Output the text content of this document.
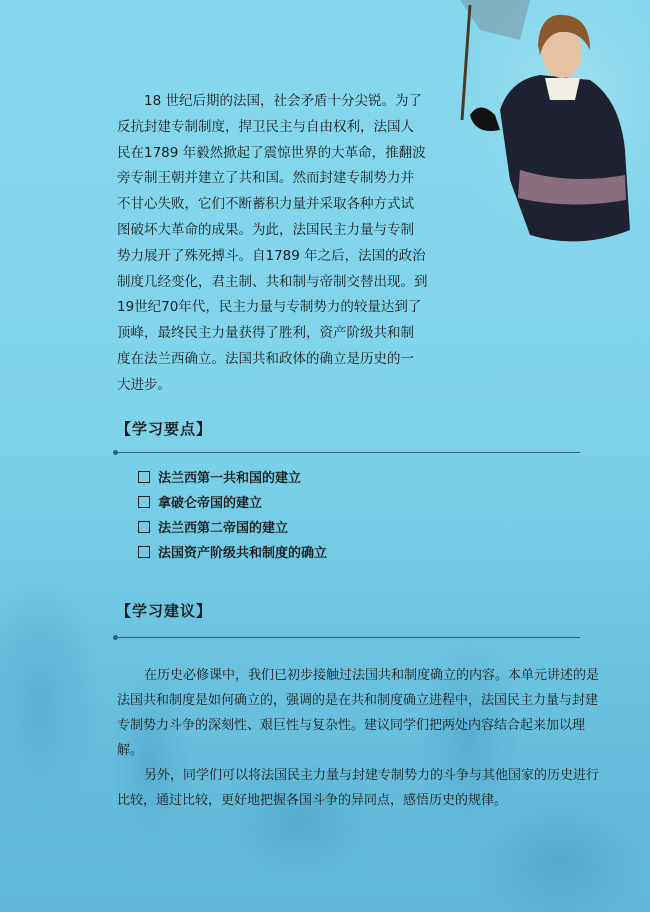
18 世纪后期的法国，社会矛盾十分尖锐。为了
反抗封建专制制度，捍卫民主与自由权利，法国人
民在1789 年毅然掀起了震惊世界的大革命，推翻波
旁专制王朝并建立了共和国。然而封建专制势力并
不甘心失败，它们不断蓄积力量并采取各种方式试
图破坏大革命的成果。为此，法国民主力量与专制
势力展开了殊死搏斗。自1789 年之后，法国的政治
制度几经变化，君主制、共和制与帝制交替出现。到
19世纪70年代，民主力量与专制势力的较量达到了
顶峰，最终民主力量获得了胜利，资产阶级共和制
度在法兰西确立。法国共和政体的确立是历史的一
大进步。
【学习要点】
法兰西第一共和国的建立
拿破仑帝国的建立
法兰西第二帝国的建立
法国资产阶级共和制度的确立
【学习建议】
在历史必修课中，我们已初步接触过法国共和制度确立的内容。本单元讲述的是
法国共和制度是如何确立的，强调的是在共和制度确立进程中，法国民主力量与封建
专制势力斗争的深刻性、艰巨性与复杂性。建议同学们把两处内容结合起来加以理
解。
另外，同学们可以将法国民主力量与封建专制势力的斗争与其他国家的历史进行
比较，通过比较，更好地把握各国斗争的异同点，感悟历史的规律。
